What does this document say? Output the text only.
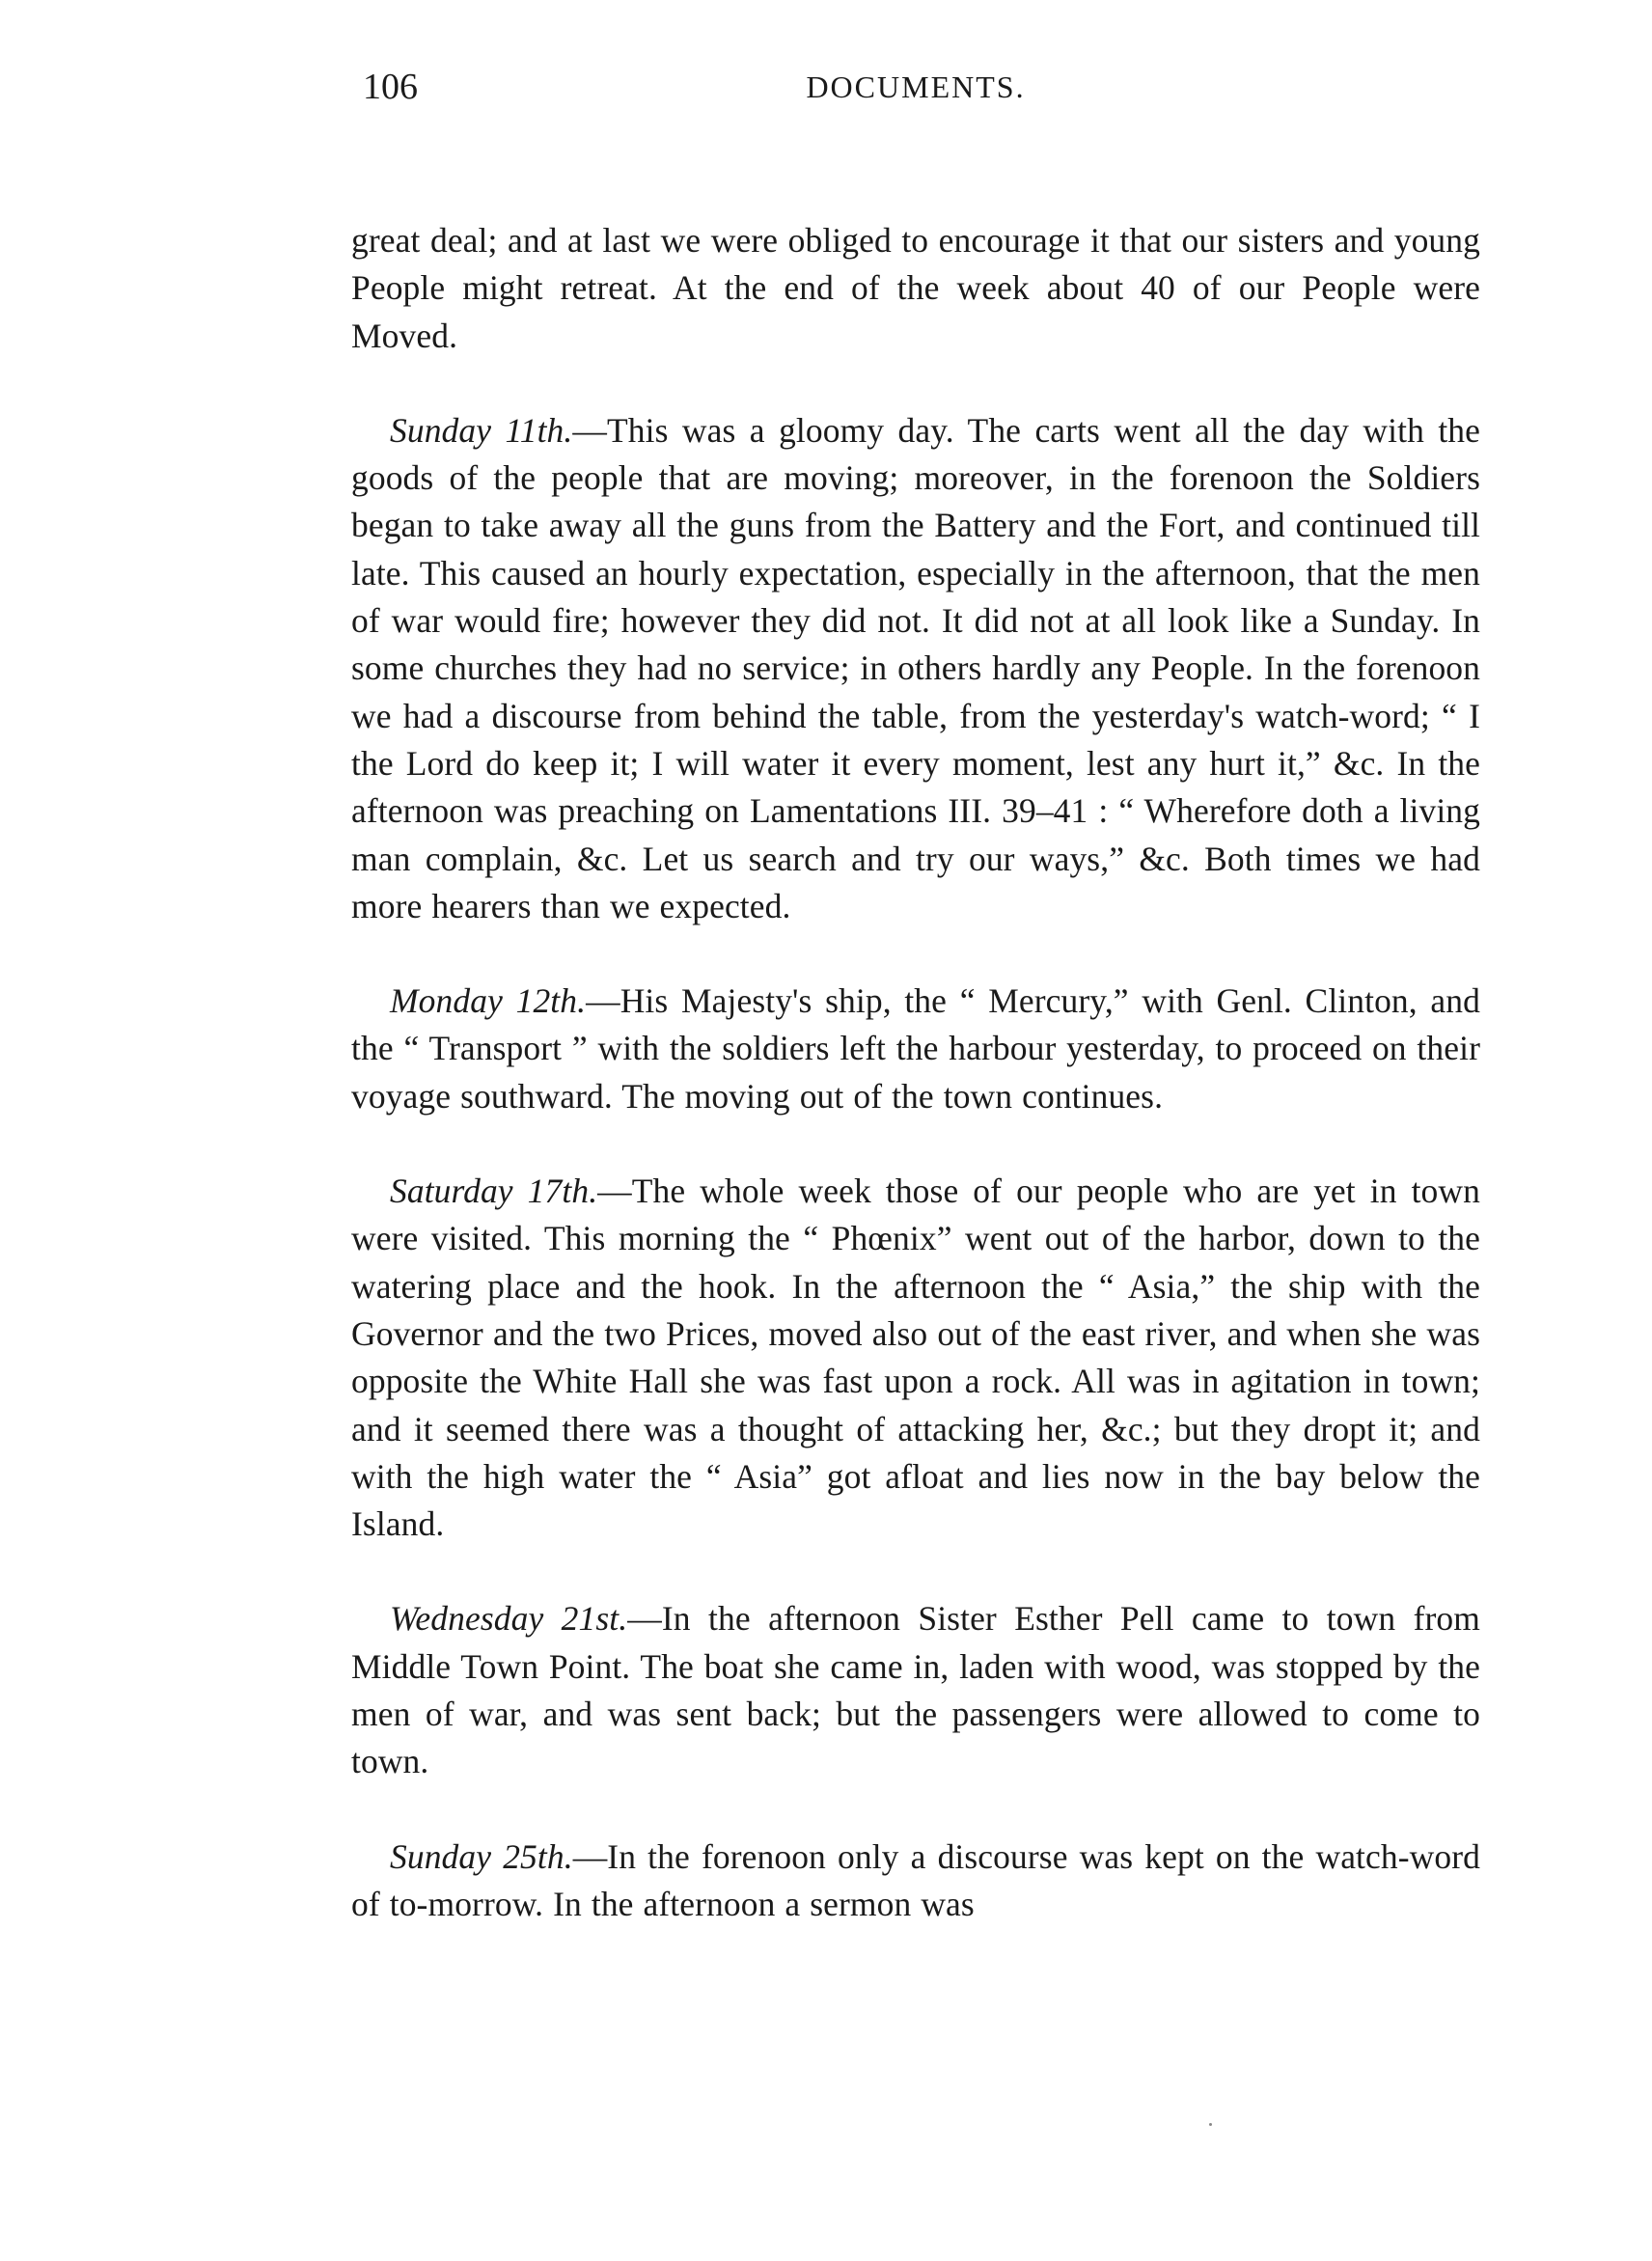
106	DOCUMENTS.

great deal; and at last we were obliged to encourage it that our sisters and young People might retreat. At the end of the week about 40 of our People were Moved.

Sunday 11th.—This was a gloomy day. The carts went all the day with the goods of the people that are moving; moreover, in the forenoon the Soldiers began to take away all the guns from the Battery and the Fort, and continued till late. This caused an hourly expectation, especially in the afternoon, that the men of war would fire; however they did not. It did not at all look like a Sunday. In some churches they had no service; in others hardly any People. In the forenoon we had a discourse from behind the table, from the yesterday's watch-word; “ I the Lord do keep it; I will water it every moment, lest any hurt it,” &c. In the afternoon was preaching on Lamentations III. 39–41 : “ Wherefore doth a living man complain, &c. Let us search and try our ways,” &c. Both times we had more hearers than we expected.

Monday 12th.—His Majesty's ship, the “ Mercury,” with Genl. Clinton, and the “ Transport ” with the soldiers left the harbour yesterday, to proceed on their voyage southward. The moving out of the town continues.

Saturday 17th.—The whole week those of our people who are yet in town were visited. This morning the “ Phœnix” went out of the harbor, down to the watering place and the hook. In the afternoon the “ Asia,” the ship with the Governor and the two Prices, moved also out of the east river, and when she was opposite the White Hall she was fast upon a rock. All was in agitation in town; and it seemed there was a thought of attacking her, &c.; but they dropt it; and with the high water the “ Asia” got afloat and lies now in the bay below the Island.

Wednesday 21st.—In the afternoon Sister Esther Pell came to town from Middle Town Point. The boat she came in, laden with wood, was stopped by the men of war, and was sent back; but the passengers were allowed to come to town.

Sunday 25th.—In the forenoon only a discourse was kept on the watch-word of to-morrow. In the afternoon a sermon was
